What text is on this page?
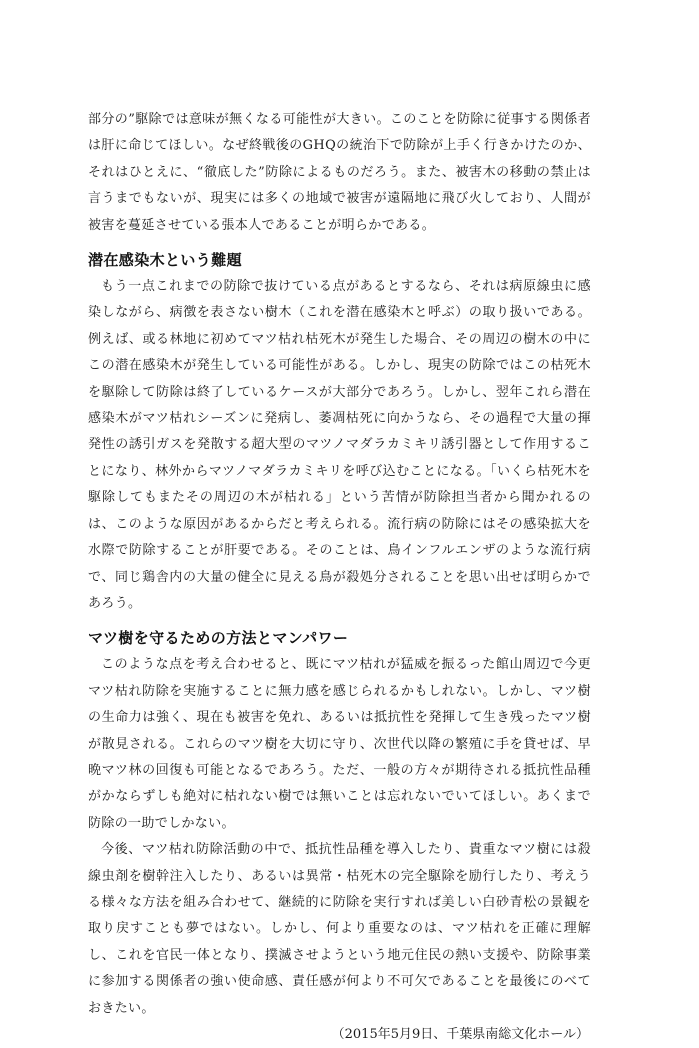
部分の”駆除では意味が無くなる可能性が大きい。このことを防除に従事する関係者は肝に命じてほしい。なぜ終戦後のGHQの統治下で防除が上手く行きかけたのか、それはひとえに、“徹底した”防除によるものだろう。また、被害木の移動の禁止は言うまでもないが、現実には多くの地域で被害が遠隔地に飛び火しており、人間が被害を蔓延させている張本人であることが明らかである。

潜在感染木という難題

もう一点これまでの防除で抜けている点があるとするなら、それは病原線虫に感染しながら、病徴を表さない樹木（これを潜在感染木と呼ぶ）の取り扱いである。例えば、或る林地に初めてマツ枯れ枯死木が発生した場合、その周辺の樹木の中にこの潜在感染木が発生している可能性がある。しかし、現実の防除ではこの枯死木を駆除して防除は終了しているケースが大部分であろう。しかし、翌年これら潜在感染木がマツ枯れシーズンに発病し、萎凋枯死に向かうなら、その過程で大量の揮発性の誘引ガスを発散する超大型のマツノマダラカミキリ誘引器として作用することになり、林外からマツノマダラカミキリを呼び込むことになる。「いくら枯死木を駆除してもまたその周辺の木が枯れる」という苦情が防除担当者から聞かれるのは、このような原因があるからだと考えられる。流行病の防除にはその感染拡大を水際で防除することが肝要である。そのことは、鳥インフルエンザのような流行病で、同じ鶏舎内の大量の健全に見える鳥が殺処分されることを思い出せば明らかであろう。

マツ樹を守るための方法とマンパワー

このような点を考え合わせると、既にマツ枯れが猛威を振るった館山周辺で今更マツ枯れ防除を実施することに無力感を感じられるかもしれない。しかし、マツ樹の生命力は強く、現在も被害を免れ、あるいは抵抗性を発揮して生き残ったマツ樹が散見される。これらのマツ樹を大切に守り、次世代以降の繁殖に手を貸せば、早晩マツ林の回復も可能となるであろう。ただ、一般の方々が期待される抵抗性品種がかならずしも絶対に枯れない樹では無いことは忘れないでいてほしい。あくまで防除の一助でしかない。

今後、マツ枯れ防除活動の中で、抵抗性品種を導入したり、貴重なマツ樹には殺線虫剤を樹幹注入したり、あるいは異常・枯死木の完全駆除を励行したり、考えうる様々な方法を組み合わせて、継続的に防除を実行すれば美しい白砂青松の景観を取り戻すことも夢ではない。しかし、何より重要なのは、マツ枯れを正確に理解し、これを官民一体となり、撲滅させようという地元住民の熱い支援や、防除事業に参加する関係者の強い使命感、責任感が何より不可欠であることを最後にのべておきたい。

（2015年5月9日、千葉県南総文化ホール）
